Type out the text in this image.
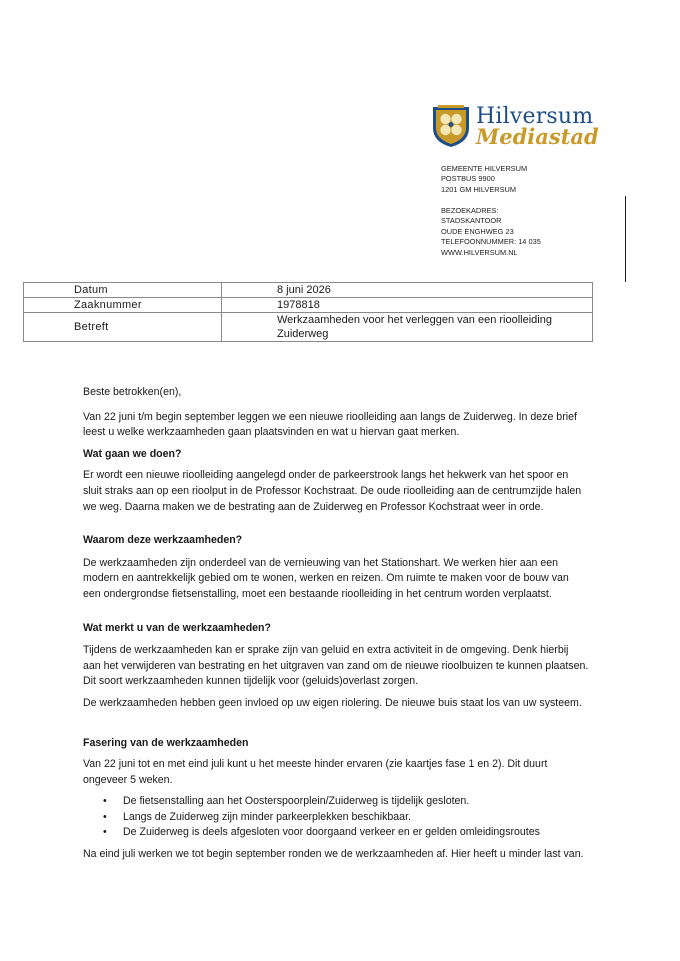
Hilversum
Mediastad
GEMEENTE HILVERSUM
POSTBUS 9900
1201 GM HILVERSUM
BEZOEKADRES:
STADSKANTOOR
OUDE ENGHWEG 23
TELEFOONNUMMER: 14 035
WWW.HILVERSUM.NL
Datum	8 juni 2026
Zaaknummer	1978818
Betreft	Werkzaamheden voor het verleggen van een rioolleiding Zuiderweg

Beste betrokken(en),

Van 22 juni t/m begin september leggen we een nieuwe rioolleiding aan langs de Zuiderweg. In deze brief leest u welke werkzaamheden gaan plaatsvinden en wat u hiervan gaat merken.

Wat gaan we doen?

Er wordt een nieuwe rioolleiding aangelegd onder de parkeerstrook langs het hekwerk van het spoor en sluit straks aan op een rioolput in de Professor Kochstraat. De oude rioolleiding aan de centrumzijde halen we weg. Daarna maken we de bestrating aan de Zuiderweg en Professor Kochstraat weer in orde.

Waarom deze werkzaamheden?

De werkzaamheden zijn onderdeel van de vernieuwing van het Stationshart. We werken hier aan een modern en aantrekkelijk gebied om te wonen, werken en reizen. Om ruimte te maken voor de bouw van een ondergrondse fietsenstalling, moet een bestaande rioolleiding in het centrum worden verplaatst.

Wat merkt u van de werkzaamheden?

Tijdens de werkzaamheden kan er sprake zijn van geluid en extra activiteit in de omgeving. Denk hierbij aan het verwijderen van bestrating en het uitgraven van zand om de nieuwe rioolbuizen te kunnen plaatsen. Dit soort werkzaamheden kunnen tijdelijk voor (geluids)overlast zorgen.

De werkzaamheden hebben geen invloed op uw eigen riolering. De nieuwe buis staat los van uw systeem.

Fasering van de werkzaamheden

Van 22 juni tot en met eind juli kunt u het meeste hinder ervaren (zie kaartjes fase 1 en 2). Dit duurt ongeveer 5 weken.

• De fietsenstalling aan het Oosterspoorplein/Zuiderweg is tijdelijk gesloten.
• Langs de Zuiderweg zijn minder parkeerplekken beschikbaar.
• De Zuiderweg is deels afgesloten voor doorgaand verkeer en er gelden omleidingsroutes

Na eind juli werken we tot begin september ronden we de werkzaamheden af. Hier heeft u minder last van.
